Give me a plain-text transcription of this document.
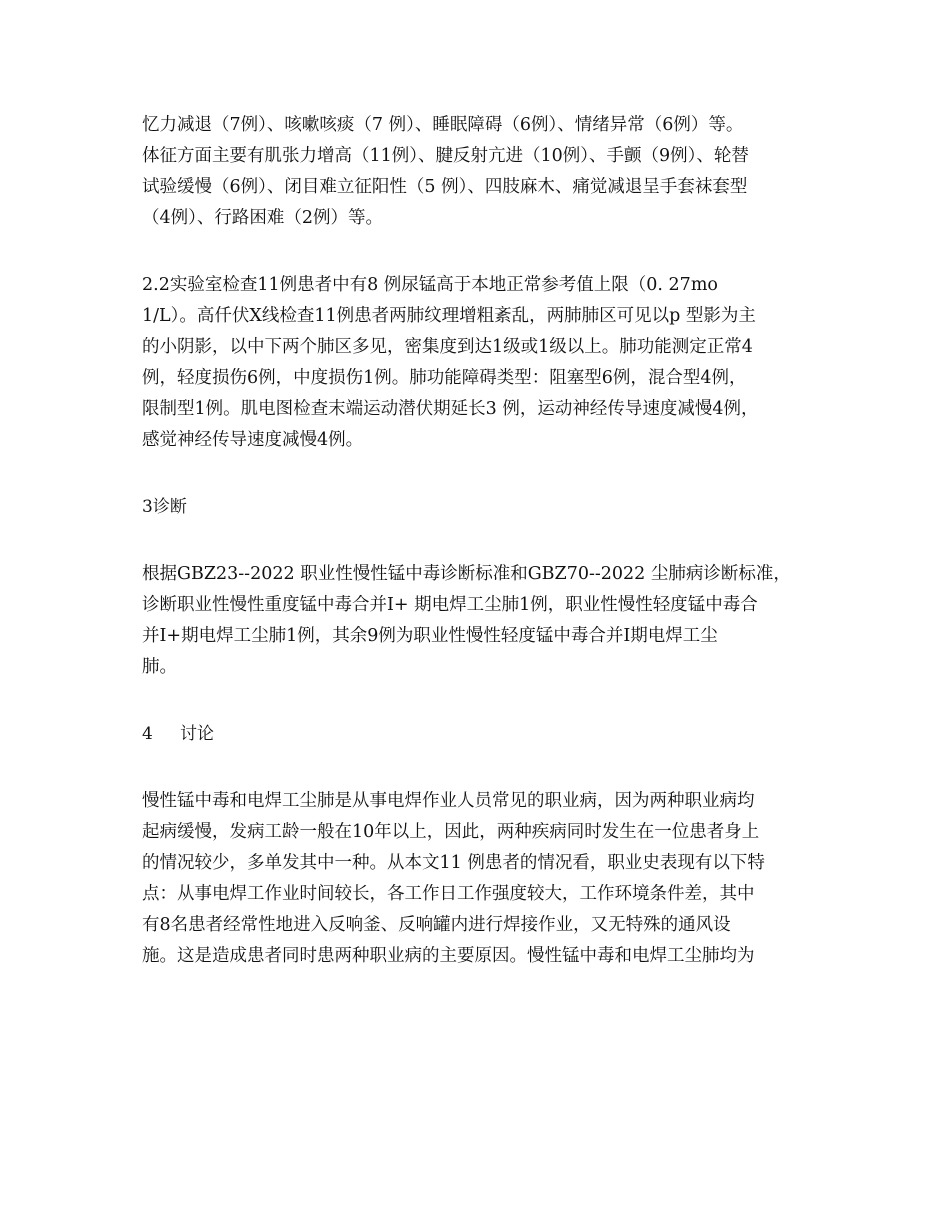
忆力减退（7例）、咳嗽咳痰（7 例）、睡眠障碍（6例）、情绪异常（6例）等。
体征方面主要有肌张力增高（11例）、腱反射亢进（10例）、手颤（9例）、轮替
试验缓慢（6例）、闭目难立征阳性（5 例）、四肢麻木、痛觉减退呈手套袜套型
（4例）、行路困难（2例）等。

2.2实验室检查11例患者中有8 例尿锰高于本地正常参考值上限（0. 27mo
1/L）。高仟伏X线检查11例患者两肺纹理增粗紊乱，两肺肺区可见以p 型影为主
的小阴影，以中下两个肺区多见，密集度到达1级或1级以上。肺功能测定正常4
例，轻度损伤6例，中度损伤1例。肺功能障碍类型：阻塞型6例，混合型4例，
限制型1例。肌电图检查末端运动潜伏期延长3 例，运动神经传导速度减慢4例，
感觉神经传导速度减慢4例。

3诊断

根据GBZ23--2022 职业性慢性锰中毒诊断标准和GBZ70--2022 尘肺病诊断标准，
诊断职业性慢性重度锰中毒合并I+ 期电焊工尘肺1例，职业性慢性轻度锰中毒合
并I+期电焊工尘肺1例，其余9例为职业性慢性轻度锰中毒合并I期电焊工尘
肺。

4 讨论

慢性锰中毒和电焊工尘肺是从事电焊作业人员常见的职业病，因为两种职业病均
起病缓慢，发病工龄一般在10年以上，因此，两种疾病同时发生在一位患者身上
的情况较少，多单发其中一种。从本文11 例患者的情况看，职业史表现有以下特
点：从事电焊工作业时间较长，各工作日工作强度较大，工作环境条件差，其中
有8名患者经常性地进入反响釜、反响罐内进行焊接作业，又无特殊的通风设
施。这是造成患者同时患两种职业病的主要原因。慢性锰中毒和电焊工尘肺均为
